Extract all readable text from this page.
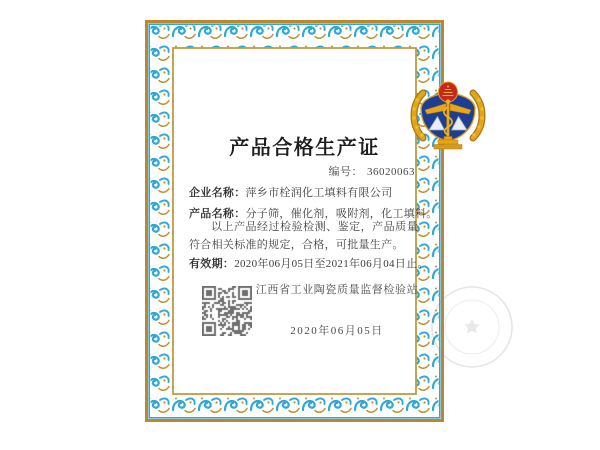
产品合格生产证
编号： 36020063
企业名称：萍乡市栓润化工填料有限公司
产品名称：分子筛，催化剂，吸附剂，化工填料。
以上产品经过检验检测、鉴定，产品质量符合相关标准的规定，合格，可批量生产。
有效期：2020年06月05日至2021年06月04日止。
江西省工业陶瓷质量监督检验站
2020年06月05日
